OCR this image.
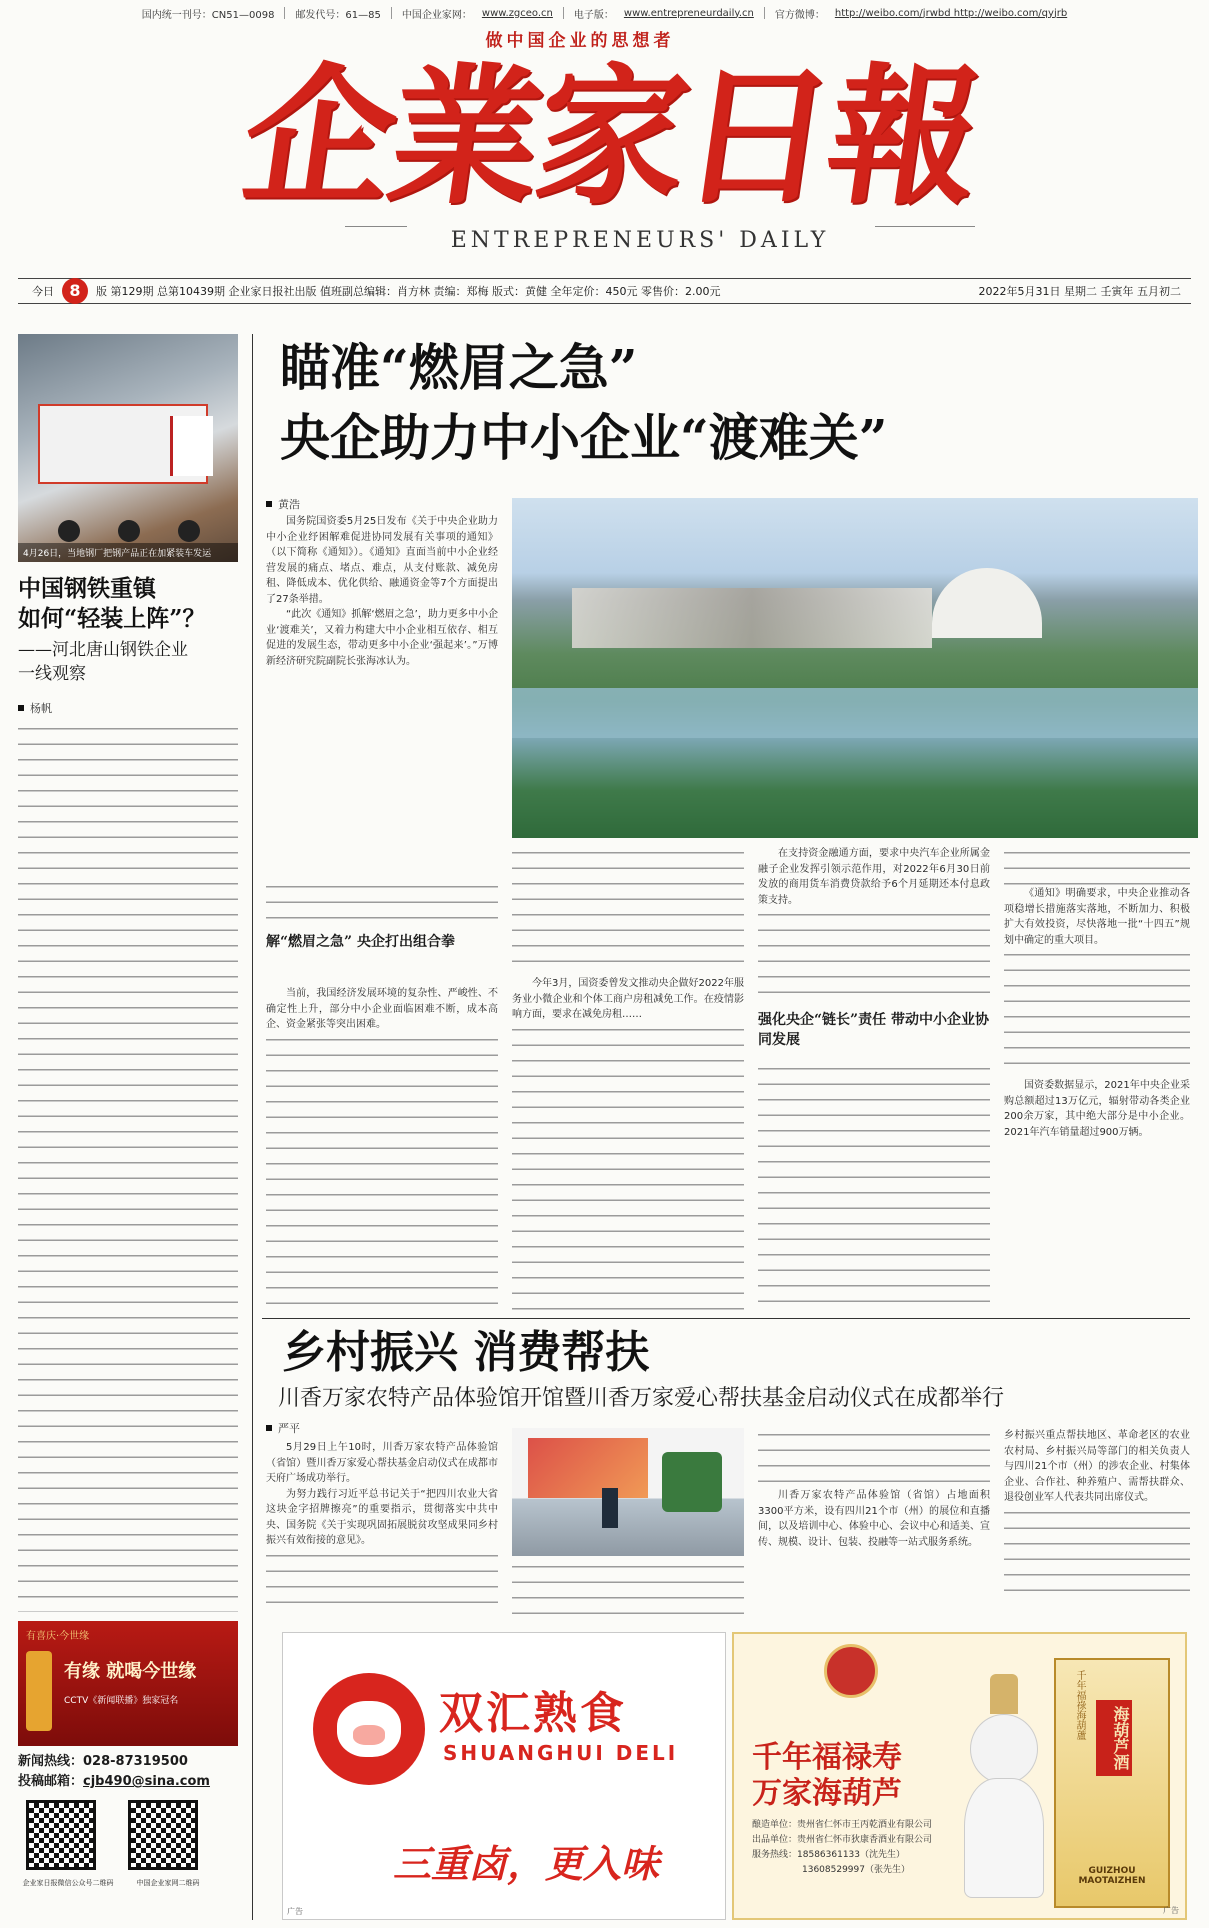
国内统一刊号：CN51—0098 邮发代号：61—85 中国企业家网： www.zgceo.cn 电子版： www.entrepreneurdaily.cn 官方微博： http://weibo.com/jrwbd http://weibo.com/qyjrb
做中国企业的思想者
企業家日報
ENTREPRENEURS' DAILY
今日 8	版 第129期 总第10439期 企业家日报社出版 值班副总编辑：肖方林 责编：郑梅 版式：黄健 全年定价：450元 零售价：2.00元	2022年5月31日 星期二 壬寅年 五月初二
4月26日，当地钢厂把钢产品正在加紧装车发运
中国钢铁重镇
如何“轻装上阵”？
——河北唐山钢铁企业
一线观察
杨帆
有喜庆·今世缘
有缘 就喝今世缘
CCTV《新闻联播》独家冠名
新闻热线：028-87319500
投稿邮箱：cjb490@sina.com
企业家日报微信公众号二维码	中国企业家网二维码
瞄准“燃眉之急”
央企助力中小企业“渡难关”
黄浩

国务院国资委5月25日发布《关于中央企业助力中小企业纾困解难促进协同发展有关事项的通知》（以下简称《通知》）。《通知》直面当前中小企业经营发展的痛点、堵点、难点，从支付账款、减免房租、降低成本、优化供给、融通资金等7个方面提出了27条举措。

“此次《通知》抓解‘燃眉之急’，助力更多中小企业‘渡难关’，又着力构建大中小企业相互依存、相互促进的发展生态，带动更多中小企业‘强起来’。”万博新经济研究院副院长张海冰认为。

解“燃眉之急” 央企打出组合拳

当前，我国经济发展环境的复杂性、严峻性、不确定性上升，部分中小企业面临困难不断，成本高企、资金紧张等突出困难。

今年3月，国资委曾发文推动央企做好2022年服务业小微企业和个体工商户房租减免工作。在疫情影响方面，要求在减免房租……

在支持资金融通方面，要求中央汽车企业所属金融子企业发挥引领示范作用，对2022年6月30日前发放的商用货车消费贷款给予6个月延期还本付息政策支持。

强化央企“链长”责任 带动中小企业协同发展

《通知》明确要求，中央企业推动各项稳增长措施落实落地，不断加力、积极扩大有效投资，尽快落地一批“十四五”规划中确定的重大项目。

国资委数据显示，2021年中央企业采购总额超过13万亿元，辐射带动各类企业200余万家，其中绝大部分是中小企业。2021年汽车销量超过900万辆。

乡村振兴 消费帮扶
川香万家农特产品体验馆开馆暨川香万家爱心帮扶基金启动仪式在成都举行
严平

5月29日上午10时，川香万家农特产品体验馆（省馆）暨川香万家爱心帮扶基金启动仪式在成都市天府广场成功举行。

为努力践行习近平总书记关于“把四川农业大省这块金字招牌擦亮”的重要指示，贯彻落实中共中央、国务院《关于实现巩固拓展脱贫攻坚成果同乡村振兴有效衔接的意见》。

川香万家农特产品体验馆（省馆）占地面积3300平方米，设有四川21个市（州）的展位和直播间，以及培训中心、体验中心、会议中心和适美、宣传、规模、设计、包装、投融等一站式服务系统。

乡村振兴重点帮扶地区、革命老区的农业农村局、乡村振兴局等部门的相关负责人与四川21个市（州）的涉农企业、村集体企业、合作社、种养殖户、需帮扶群众、退役创业军人代表共同出席仪式。

双汇熟食
SHUANGHUI DELI
三重卤，更入味
广告
千年福禄寿
万家海葫芦
酿造单位：贵州省仁怀市王丙乾酒业有限公司
出品单位：贵州省仁怀市狄康香酒业有限公司
服务热线：18586361133（沈先生）
13608529997（张先生）
千年福祿海葫蘆	海葫芦酒
GUIZHOU
MAOTAIZHEN
广告
